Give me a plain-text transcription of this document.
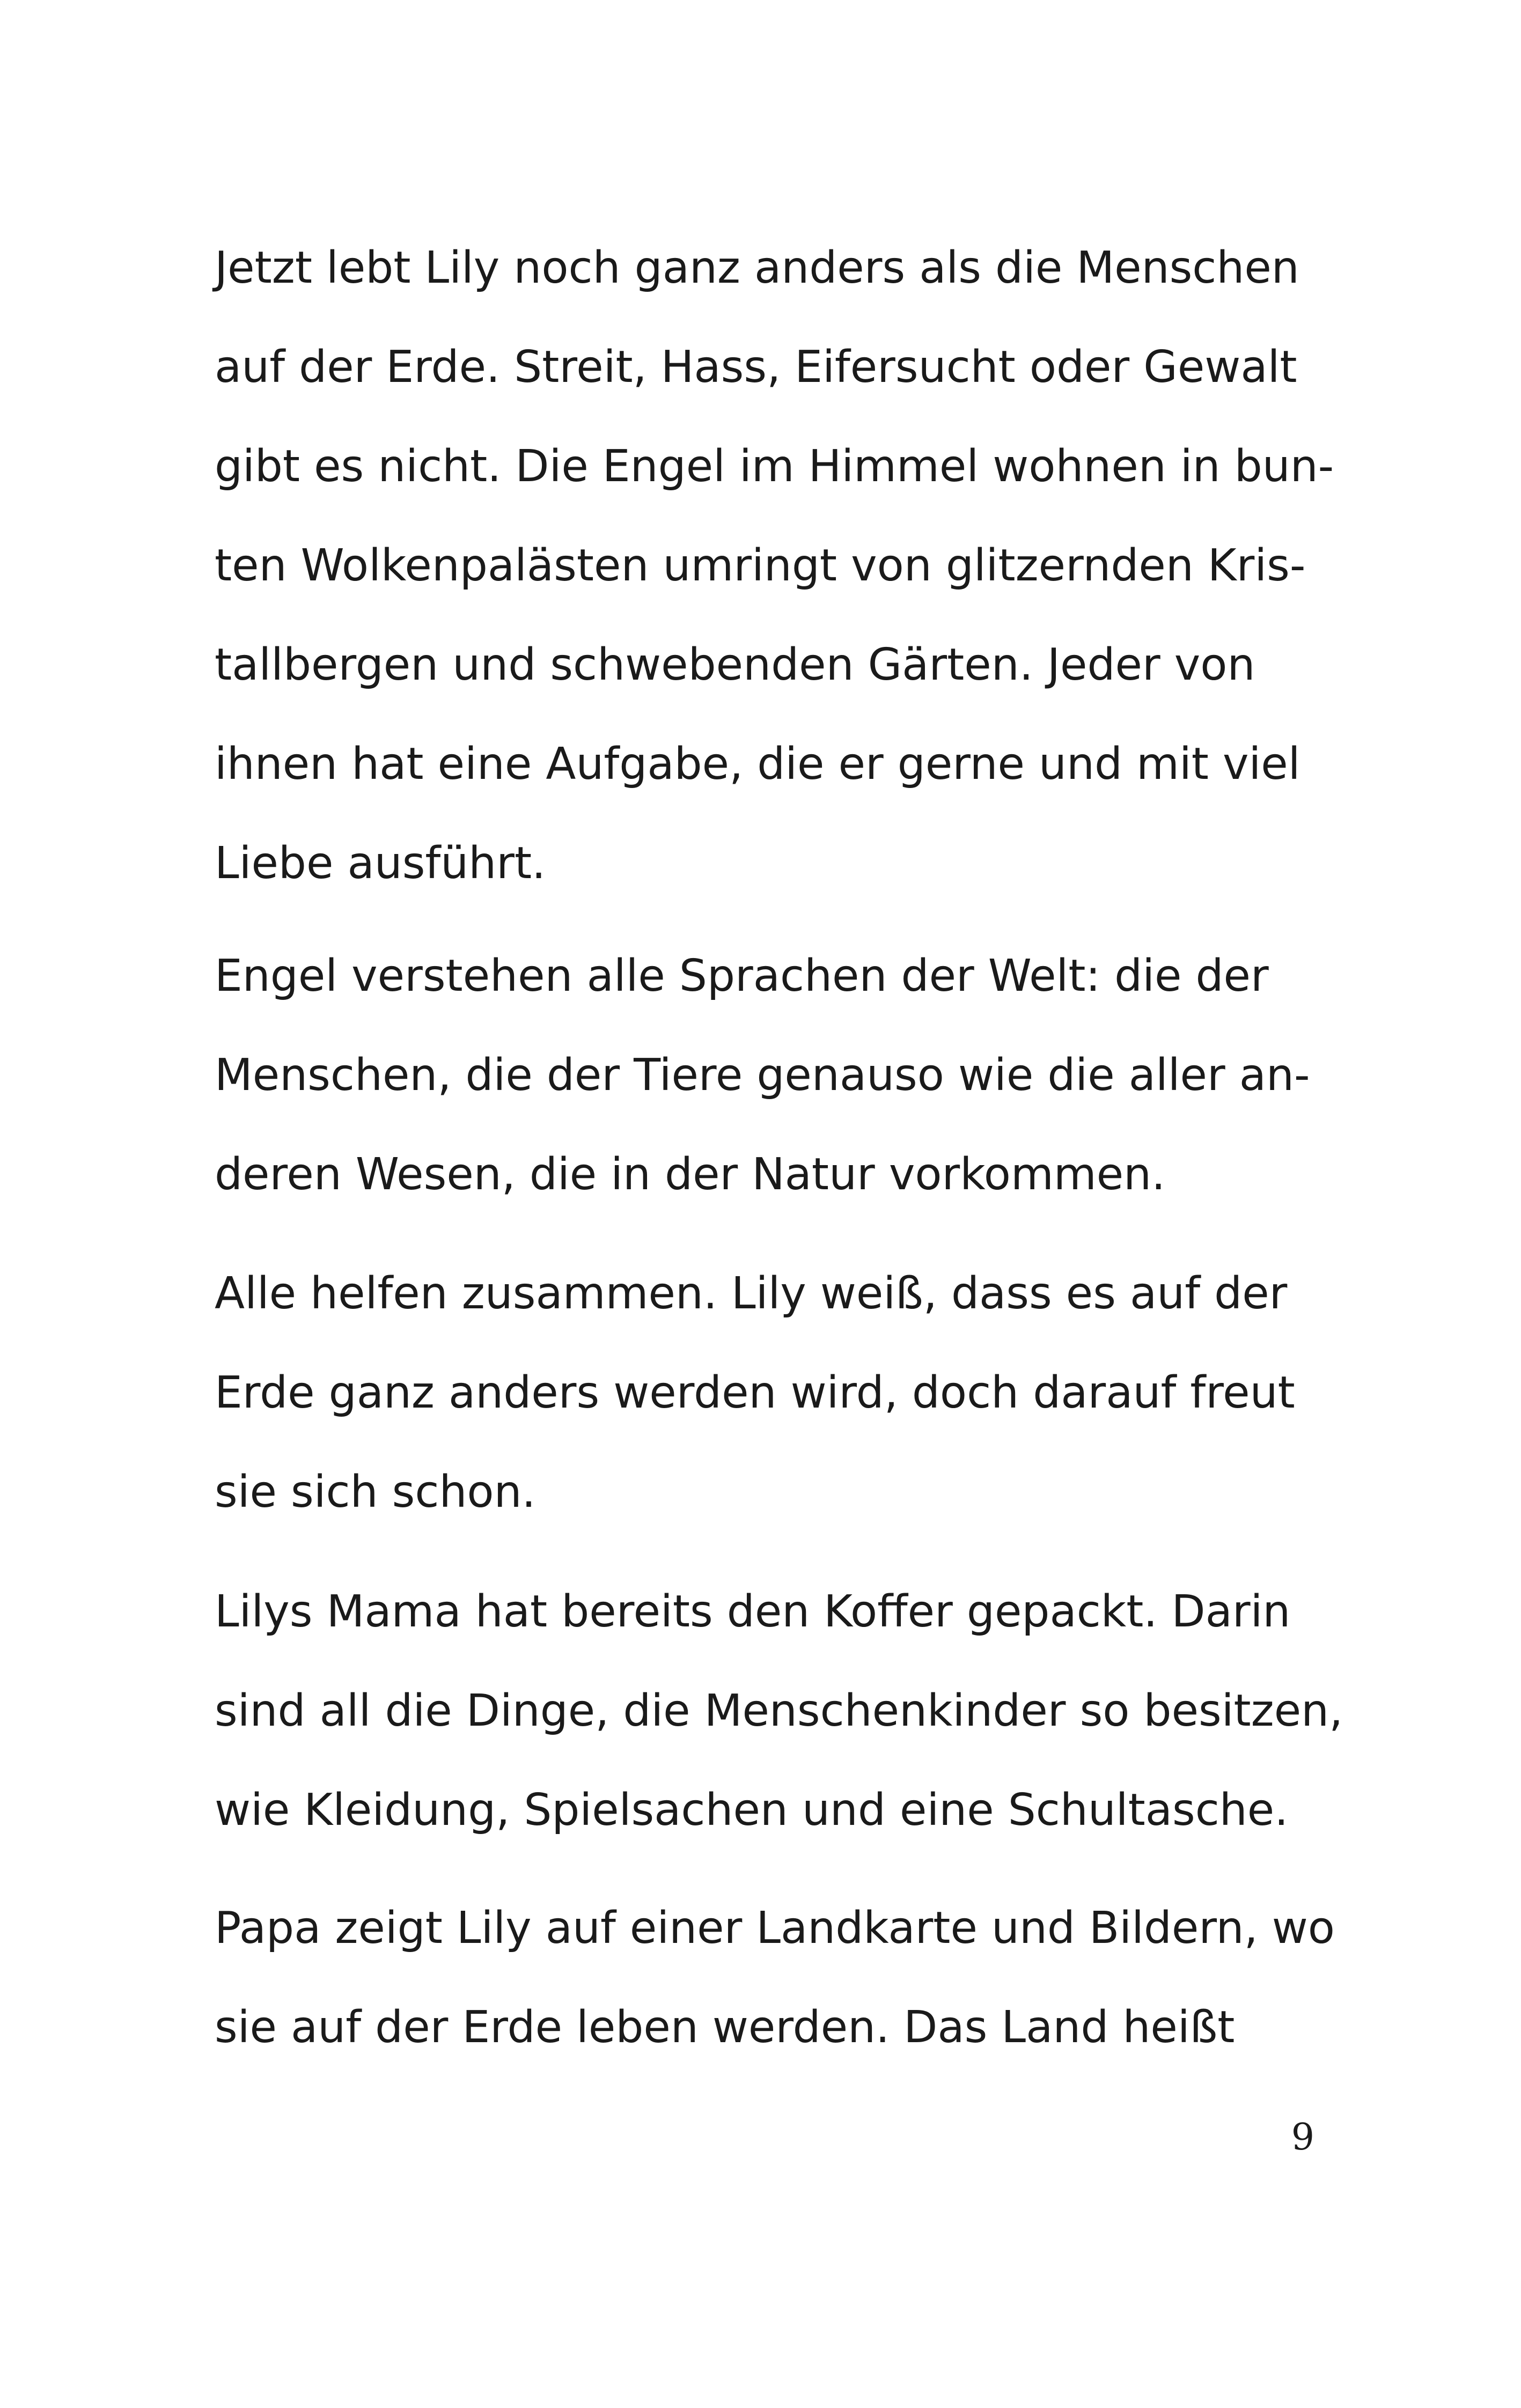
Jetzt lebt Lily noch ganz anders als die Menschen
auf der Erde. Streit, Hass, Eifersucht oder Gewalt
gibt es nicht. Die Engel im Himmel wohnen in bun-
ten Wolkenpalästen umringt von glitzernden Kris-
tallbergen und schwebenden Gärten. Jeder von
ihnen hat eine Aufgabe, die er gerne und mit viel
Liebe ausführt.
Engel verstehen alle Sprachen der Welt: die der
Menschen, die der Tiere genauso wie die aller an-
deren Wesen, die in der Natur vorkommen.
Alle helfen zusammen. Lily weiß, dass es auf der
Erde ganz anders werden wird, doch darauf freut
sie sich schon.
Lilys Mama hat bereits den Koffer gepackt. Darin
sind all die Dinge, die Menschenkinder so besitzen,
wie Kleidung, Spielsachen und eine Schultasche.
Papa zeigt Lily auf einer Landkarte und Bildern, wo
sie auf der Erde leben werden. Das Land heißt
9
